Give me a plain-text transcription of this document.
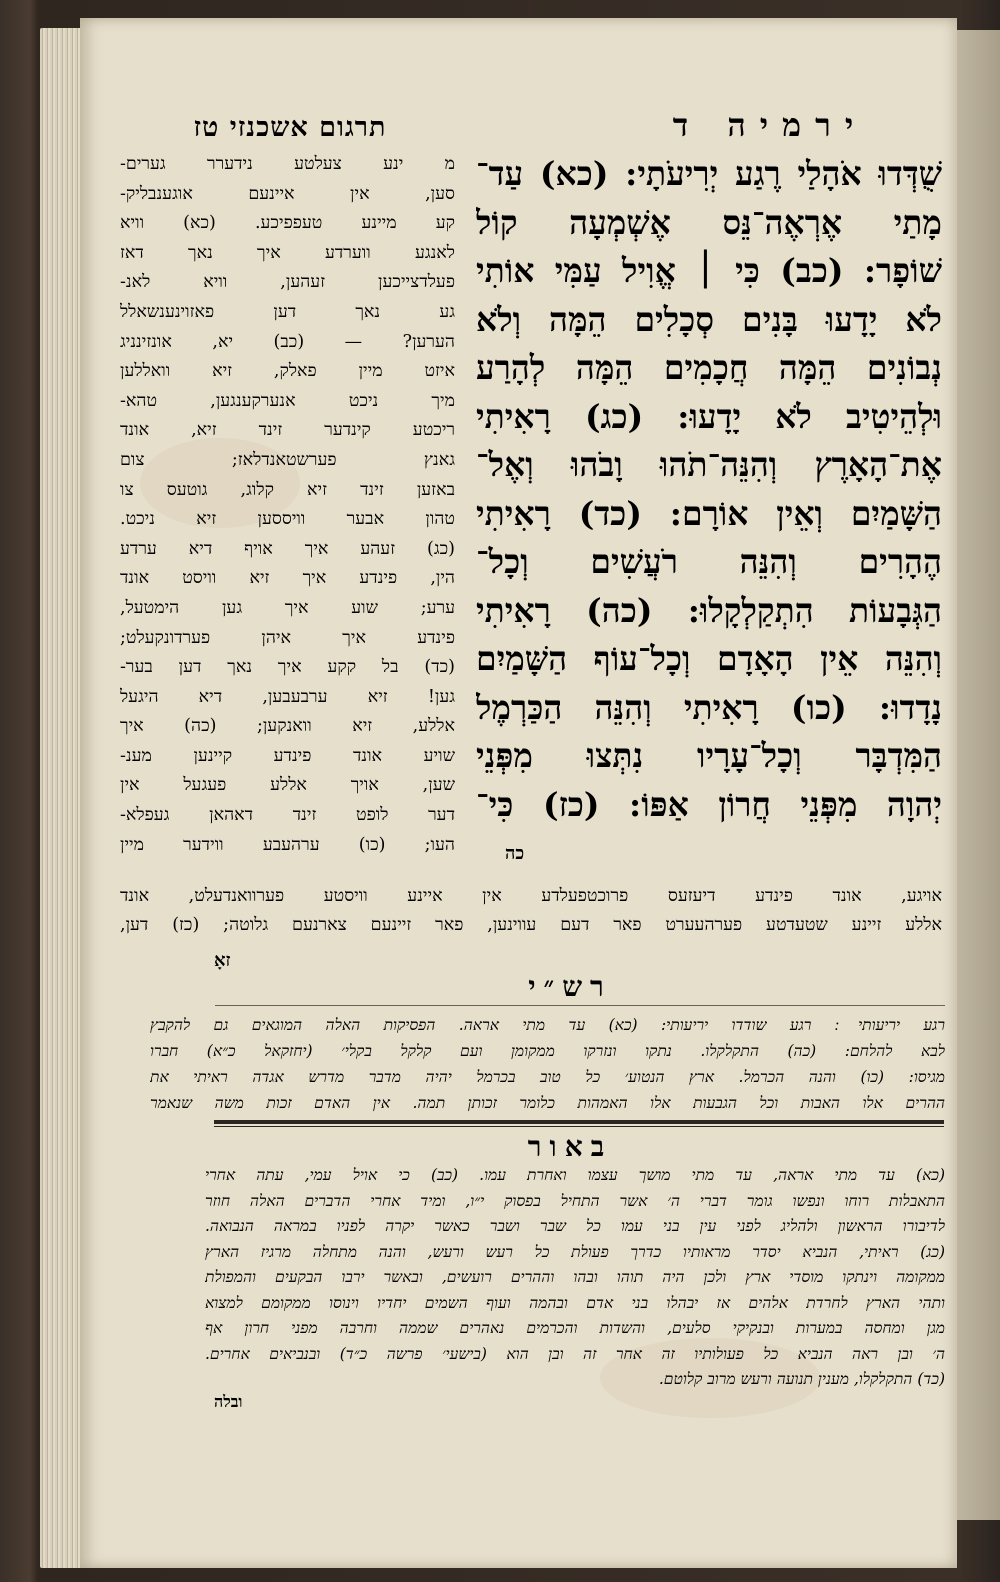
תרגום אשכנזי טז	ירמיה ד
מ ינע צעלטע נידערר גערים-
סען, אין איינעם אוגענבליק-
קע מיינע טעפפיכע. (כא) וויא
לאנגע ווערדע איך נאך דאז
פעלדצייכען זעהען, וויא לאנ-
גע נאך דען פאזוינענשאלל
הערען? — (כב) יא, אונזינניג
איזט מיין פאלק, זיא וואללען
מיך ניכט אנערקענגען, טהא-
ריכטע קינדער זינד זיא, אונד
גאנץ פערשטאנדלאז; צום
באזען זינד זיא קלוג, גוטעס צו
טהון אבער וויססען זיא ניכט.
(כג) זעהע איך אויף דיא ערדע
הין, פינדע איך זיא וויסט אונד
ערע; שוע איך גען הימטעל,
פינדע איך איהן פערדונקעלט;
(כד) בל קקע איך נאך דען בער-
גען! זיא ערבעבען, דיא היגעל
אללע, זיא וואנקען; (כה) איך
שויע אונד פינדע קיינען מענ-
שען, אויך אללע פעגעל אין
דער לופט זינד דאהאן געפלא-
העו; (כו) ערהעבע ווידער מיין
שֻׁדְּדוּ אֹהָלַי רֶגַע יְרִיעֹתָי: (כא) עַד־
מָתַי אֶרְאֶה־נֵּס אֶשְׁמְעָה קוֹל
שׁוֹפָר: (כב) כִּי ׀ אֱוִיל עַמִּי אוֹתִי
לֹא יָדָעוּ בָּנִים סְכָלִים הֵמָּה וְלֹא
נְבוֹנִים הֵמָּה חֲכָמִים הֵמָּה לְהָרַע
וּלְהֵיטִיב לֹא יָדָעוּ: (כג) רָאִיתִי
אֶת־הָאָרֶץ וְהִנֵּה־תֹהוּ וָבֹהוּ וְאֶל־
הַשָּׁמַיִם וְאֵין אוֹרָם: (כד) רָאִיתִי
הֶהָרִים וְהִנֵּה רֹעֲשִׁים וְכָל־
הַגְּבָעוֹת הִתְקַלְקָלוּ: (כה) רָאִיתִי
וְהִנֵּה אֵין הָאָדָם וְכָל־עוֹף הַשָּׁמַיִם
נָדָדוּ: (כו) רָאִיתִי וְהִנֵּה הַכַּרְמֶל
הַמִּדְבָּר וְכָל־עָרָיו נִתְּצוּ מִפְּנֵי
יְהוָה מִפְּנֵי חֲרוֹן אַפּוֹ: (כז) כִּי־
כה
אויגע, אונד פינדע דיעזעס פרוכטפעלדע אין איינע וויסטע פערוואנדעלט, אונד
אללע זיינע שטעדטע פערהעערט פאר דעם עווינען, פאר זיינעם צארנעם גלוטה; (כז) דען,
זאָ
רש״י
רגע יריעותי ׃ רגע שודדו יריעותי: (כא) עד מתי אראה. הפסיקות האלה המוגאים גם להקבץ
לבא להלחם: (כה) התקלקלו. נתקו ונזרקו ממקומן ועם קלקל בקלי׳ (יחזקאל כ״א) חברו
מגיסו: (כו) והנה הכרמל. ארץ הנטוע׳ כל טוב בכרמל יהיה מדבר מדרש אגדה ראיתי את
ההרים אלו האבות וכל הגבעות אלו האמהות כלומר זכותן תמה. אין האדם זכות משה שנאמר
באור
(כא) עד מתי אראה, עד מתי מושך עצמו ואחרת עמו. (כב) כי אויל עמי, עתה אחרי
התאבלות רוחו ונפשו גומר דברי ה׳ אשר התחיל בפסוק י״ו, ומיד אחרי הדברים האלה חוזר
לדיבורו הראשון ולהליג לפני עין בני עמו כל שבר ושבר כאשר יקרה לפניו במראה הנבואה.
(כג) ראיתי, הנביא יסדר מראותיו כדרך פעולת כל רעש ורעש, והנה מתחלה מרגיז הארץ
ממקומה וינתקו מוסדי ארץ ולכן היה תוהו ובהו וההרים רועשים, ובאשר ירבו הבקעים והמפולת
ותהי הארץ לחרדת אלהים אז יבהלו בני אדם ובהמה ועוף השמים יחדיו וינוסו ממקומם למצוא
מגן ומחסה במערות ובנקיקי סלעים, והשדות והכרמים נאהרים שממה וחרבה מפני חרון אף
ה׳ ובן ראה הנביא כל פעולותיו זה אחר זה ובן הוא (בישעי׳ פרשה כ״ד) ובנביאים אחרים.
(כד) התקלקלו, מענין תנועה ורעש מרוב קלוטם.
ובלה
